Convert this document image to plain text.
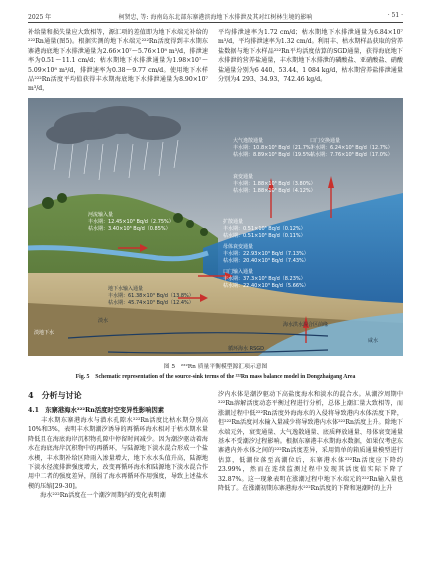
2025 年	柯贤忠, 等: 海南岛东北部东寨港滨海地下水排泄及其对红树林生境的影响	· 51 ·

补给量和损失量应大致相等，源汇项的差值即为地下水端元补给的²²²Rn通量(图5)。根据实测的地下水端元²²²Rn活度得到丰水期东寨港海底地下水排泄通量为2.66×10⁷～5.76×10⁸ m³/d，排泄速率为0.51～11.1 cm/d；枯水期地下水排泄通量为1.98×10⁷～5.09×10⁸ m³/d，排泄速率为0.38～9.77 cm/d。使用地下水样品²²²Rn活度平均值获得丰水期海底地下水排泄通量为8.90×10⁷ m³/d，

平均排泄速率为1.72 cm/d；枯水期地下水排泄通量为6.84×10⁷ m³/d，平均排泄速率为1.32 cm/d。利用丰、枯水期样品获取的营养盐数据与地下水样品²²²Rn平均活度估算的SGD通量，获得海底地下水排泄的营养盐通量，丰水期地下水排泄的磷酸盐、亚硝酸盐、硝酸盐通量分别为6 440、53.44、1 084 kg/d，枯水期营养盐排泄通量分别为4 293、34.93、742.46 kg/d。

大气逸散通量
丰水期：10.8×10³ Bq/d（21.7%）
枯水期：8.89×10³ Bq/d（19.5%）
口门交换通量
丰水期：6.24×10³ Bq/d（12.7%）
枯水期：7.76×10³ Bq/d（17.0%）
衰变通量
丰水期：1.88×10³ Bq/d（3.80%）
枯水期：1.88×10³ Bq/d（4.12%）
河流输入量
丰水期：12.45×10³ Bq/d（2.75%）
枯水期：3.40×10³ Bq/d（0.85%）
扩散通量
丰水期：0.51×10³ Bq/d（0.12%）
枯水期：0.51×10³ Bq/d（0.11%）
母体衰变通量
丰水期：22.93×10³ Bq/d（7.13%）
枯水期：20.40×10³ Bq/d（7.43%）
口门输入通量
丰水期：37.3×10³ Bq/d（8.23%）
枯水期：22.40×10³ Bq/d（5.66%）
地下水输入通量
丰水期：61.38×10³ Bq/d（13.8%）
枯水期：45.74×10³ Bq/d（12.4%）
海水洪水混合区前缘
咸水
淡水
循环海水 RSGD
淡地下水
图 5　²²²Rn 质量平衡模型源汇项示意图
Fig. 5　Schematic representation of the source-sink terms of the ²²²Rn mass balance model in Dongzhaigang Area
4　分析与讨论
4.1　东寨港海水²²²Rn活度时空变异性影响因素

　　丰水期东寨港海水与潜水孔隙水²²²Rn活度比枯水期分别高10%和3%，表明丰水期潮汐诱导的再循环海水相对于枯水期水量降低且在海底海岸沉积物孔隙中停留时间减少。因为潮汐驱动着海水在海底海岸沉积物中的再循环，与陆源地下淡水混合形成一个盐水楔，丰水期补给区降雨入渗量增大，地下水水头值升高，陆源地下淡水径流排泄强度增大，改变再循环海水和陆源地下淡水混合作用中二者的强度差异，削弱了海水再循环作用强度，导致上述盐水楔的压缩[29-30]。

　　海水²²²Rn活度在一个潮汐周期内的变化表明潮

汐内水体是潮汐驱动下高盐度海水和淡水的混合水。从潮汐周期中²²²Rn溶解活度动态平衡过程进行分析，总体上潮汇量大致相等，而涨潮过程中低²²²Rn活度外海海水的入侵将导致港内水体活度下降，但²²²Rn活度河水输入量减少将导致港内水体²²²Rn活度上升。除地下水端元外，衰变通量、大气逸散通量、底质释放通量、母体衰变通量基本不受潮汐过程影响。根据东寨港丰水期海水数据，如果仅考虑东寨港内外水体之间的²²²Rn活度差异，采用简单的箱质通量模型进行估算，低潮位落至高潮位后，东寨港水体²²²Rn活度应下降约23.99%，然而在连续监测过程中发现其活度值实际下降了32.87%。这一现象表明在涨潮过程中地下水端元的²²²Rn输入量也降低了。在涨潮初期东寨港海水²²²Rn活度的下降和退潮时的上升
